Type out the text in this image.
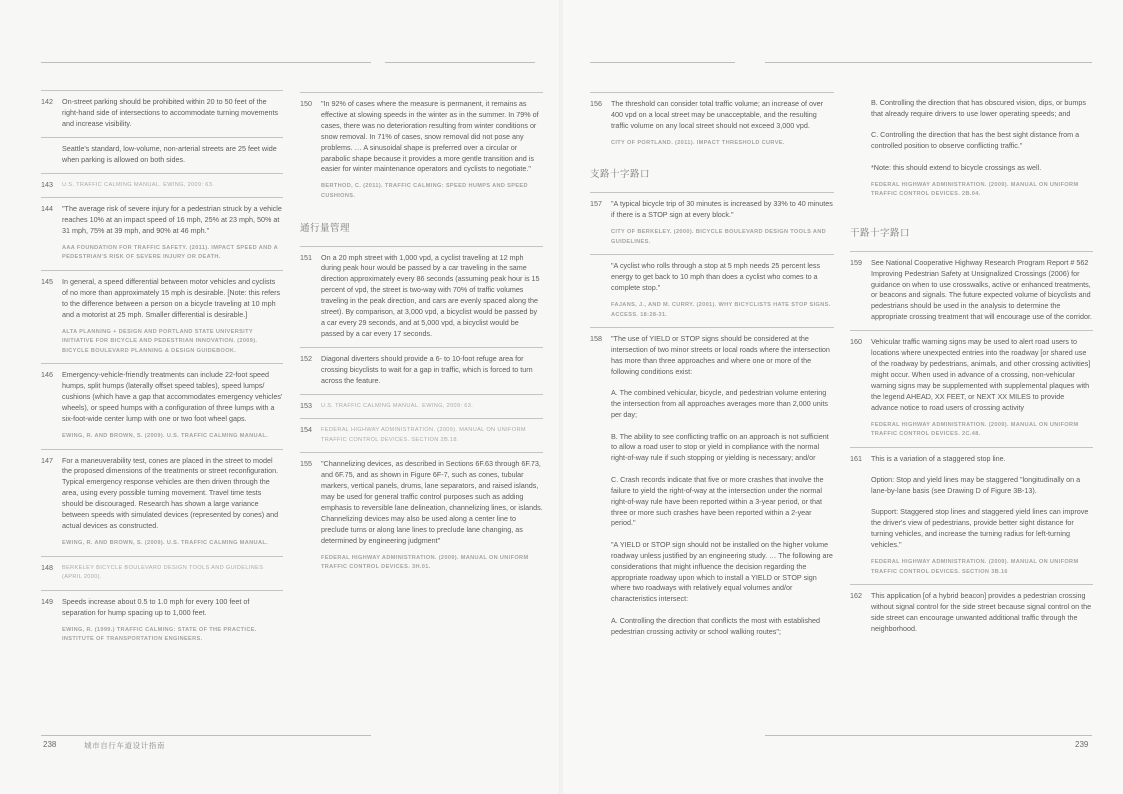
142	On-street parking should be prohibited within 20 to 50 feet of the right-hand side of intersections to accommodate turning movements and increase visibility.

Seattle's standard, low-volume, non-arterial streets are 25 feet wide when parking is allowed on both sides.

143	U.S. TRAFFIC CALMING MANUAL. EWING, 2009: 63.
144	"The average risk of severe injury for a pedestrian struck by a vehicle reaches 10% at an impact speed of 16 mph, 25% at 23 mph, 50% at 31 mph, 75% at 39 mph, and 90% at 46 mph."

AAA FOUNDATION FOR TRAFFIC SAFETY. (2011). IMPACT SPEED AND A PEDESTRIAN'S RISK OF SEVERE INJURY OR DEATH.
145	In general, a speed differential between motor vehicles and cyclists of no more than approximately 15 mph is desirable. [Note: this refers to the difference between a person on a bicycle traveling at 10 mph and a motorist at 25 mph. Smaller differential is desirable.]

ALTA PLANNING + DESIGN AND PORTLAND STATE UNIVERSITY INITIATIVE FOR BICYCLE AND PEDESTRIAN INNOVATION. (2009). BICYCLE BOULEVARD PLANNING & DESIGN GUIDEBOOK.
146	Emergency-vehicle-friendly treatments can include 22-foot speed humps, split humps (laterally offset speed tables), speed lumps/ cushions (which have a gap that accommodates emergency vehicles' wheels), or speed humps with a configuration of three lumps with a six-foot-wide center lump with one or two foot wheel gaps.

EWING, R. AND BROWN, S. (2009). U.S. TRAFFIC CALMING MANUAL.
147	For a maneuverability test, cones are placed in the street to model the proposed dimensions of the treatments or street reconfiguration. Typical emergency response vehicles are then driven through the area, using every possible turning movement. Travel time tests should be discouraged. Research has shown a large variance between speeds with simulated devices (represented by cones) and actual devices as constructed.

EWING, R. AND BROWN, S. (2009). U.S. TRAFFIC CALMING MANUAL.
148	BERKELEY BICYCLE BOULEVARD DESIGN TOOLS AND GUIDELINES (APRIL 2000).
149	Speeds increase about 0.5 to 1.0 mph for every 100 feet of separation for hump spacing up to 1,000 feet.

EWING, R. (1999.) TRAFFIC CALMING: STATE OF THE PRACTICE. INSTITUTE OF TRANSPORTATION ENGINEERS.
150	"In 92% of cases where the measure is permanent, it remains as effective at slowing speeds in the winter as in the summer. In 79% of cases, there was no deterioration resulting from winter conditions or snow removal. In 71% of cases, snow removal did not pose any problems. … A sinusoidal shape is preferred over a circular or parabolic shape because it provides a more gentle transition and is easier for winter maintenance operators and cyclists to negotiate."

BERTHOD, C. (2011). TRAFFIC CALMING: SPEED HUMPS AND SPEED CUSHIONS.
通行量管理
151	On a 20 mph street with 1,000 vpd, a cyclist traveling at 12 mph during peak hour would be passed by a car traveling in the same direction approximately every 86 seconds (assuming peak hour is 15 percent of vpd, the street is two-way with 70% of traffic volumes traveling in the peak direction, and cars are evenly spaced along the street). By comparison, at 3,000 vpd, a bicyclist would be passed by a car every 29 seconds, and at 5,000 vpd, a bicyclist would be passed by a car every 17 seconds.

152	Diagonal diverters should provide a 6- to 10-foot refuge area for crossing bicyclists to wait for a gap in traffic, which is forced to turn across the feature.

153	U.S. TRAFFIC CALMING MANUAL. EWING, 2009: 63.
154	FEDERAL HIGHWAY ADMINISTRATION. (2009). MANUAL ON UNIFORM TRAFFIC CONTROL DEVICES. SECTION 2B.18.
155	"Channelizing devices, as described in Sections 6F.63 through 6F.73, and 6F.75, and as shown in Figure 6F-7, such as cones, tubular markers, vertical panels, drums, lane separators, and raised islands, may be used for general traffic control purposes such as adding emphasis to reversible lane delineation, channelizing lines, or islands. Channelizing devices may also be used along a center line to preclude turns or along lane lines to preclude lane changing, as determined by engineering judgment"

FEDERAL HIGHWAY ADMINISTRATION. (2009). MANUAL ON UNIFORM TRAFFIC CONTROL DEVICES. 3H.01.
156	The threshold can consider total traffic volume; an increase of over 400 vpd on a local street may be unacceptable, and the resulting traffic volume on any local street should not exceed 3,000 vpd.

CITY OF PORTLAND. (2011). IMPACT THRESHOLD CURVE.
支路十字路口
157	"A typical bicycle trip of 30 minutes is increased by 33% to 40 minutes if there is a STOP sign at every block."

CITY OF BERKELEY. (2000). BICYCLE BOULEVARD DESIGN TOOLS AND GUIDELINES.

"A cyclist who rolls through a stop at 5 mph needs 25 percent less energy to get back to 10 mph than does a cyclist who comes to a complete stop."

FAJANS, J., AND M. CURRY. (2001). WHY BICYCLISTS HATE STOP SIGNS. ACCESS. 18:28-31.
158	"The use of YIELD or STOP signs should be considered at the intersection of two minor streets or local roads where the intersection has more than three approaches and where one or more of the following conditions exist:

A. The combined vehicular, bicycle, and pedestrian volume entering the intersection from all approaches averages more than 2,000 units per day;

B. The ability to see conflicting traffic on an approach is not sufficient to allow a road user to stop or yield in compliance with the normal right-of-way rule if such stopping or yielding is necessary; and/or

C. Crash records indicate that five or more crashes that involve the failure to yield the right-of-way at the intersection under the normal right-of-way rule have been reported within a 3-year period, or that three or more such crashes have been reported within a 2-year period."

"A YIELD or STOP sign should not be installed on the higher volume roadway unless justified by an engineering study. … The following are considerations that might influence the decision regarding the appropriate roadway upon which to install a YIELD or STOP sign where two roadways with relatively equal volumes and/or characteristics intersect:

A. Controlling the direction that conflicts the most with established pedestrian crossing activity or school walking routes";

B. Controlling the direction that has obscured vision, dips, or bumps that already require drivers to use lower operating speeds; and

C. Controlling the direction that has the best sight distance from a controlled position to observe conflicting traffic."

*Note: this should extend to bicycle crossings as well.

FEDERAL HIGHWAY ADMINISTRATION. (2009). MANUAL ON UNIFORM TRAFFIC CONTROL DEVICES. 2B.04.
干路十字路口
159	See National Cooperative Highway Research Program Report # 562 Improving Pedestrian Safety at Unsignalized Crossings (2006) for guidance on when to use crosswalks, active or enhanced treatments, or beacons and signals. The future expected volume of bicyclists and pedestrians should be used in the analysis to determine the appropriate crossing treatment that will encourage use of the corridor.

160	Vehicular traffic warning signs may be used to alert road users to locations where unexpected entries into the roadway [or shared use of the roadway by pedestrians, animals, and other crossing activities] might occur. When used in advance of a crossing, non-vehicular warning signs may be supplemented with supplemental plaques with the legend AHEAD, XX FEET, or NEXT XX MILES to provide advance notice to road users of crossing activity

FEDERAL HIGHWAY ADMINISTRATION. (2009). MANUAL ON UNIFORM TRAFFIC CONTROL DEVICES. 2C.48.
161	This is a variation of a staggered stop line.

Option: Stop and yield lines may be staggered "longitudinally on a lane-by-lane basis (see Drawing D of Figure 3B-13).

Support: Staggered stop lines and staggered yield lines can improve the driver's view of pedestrians, provide better sight distance for turning vehicles, and increase the turning radius for left-turning vehicles."

FEDERAL HIGHWAY ADMINISTRATION. (2009). MANUAL ON UNIFORM TRAFFIC CONTROL DEVICES. SECTION 3B.16
162	This application [of a hybrid beacon] provides a pedestrian crossing without signal control for the side street because signal control on the side street can encourage unwanted additional traffic through the neighborhood.

238	城市自行车道设计指南	239
